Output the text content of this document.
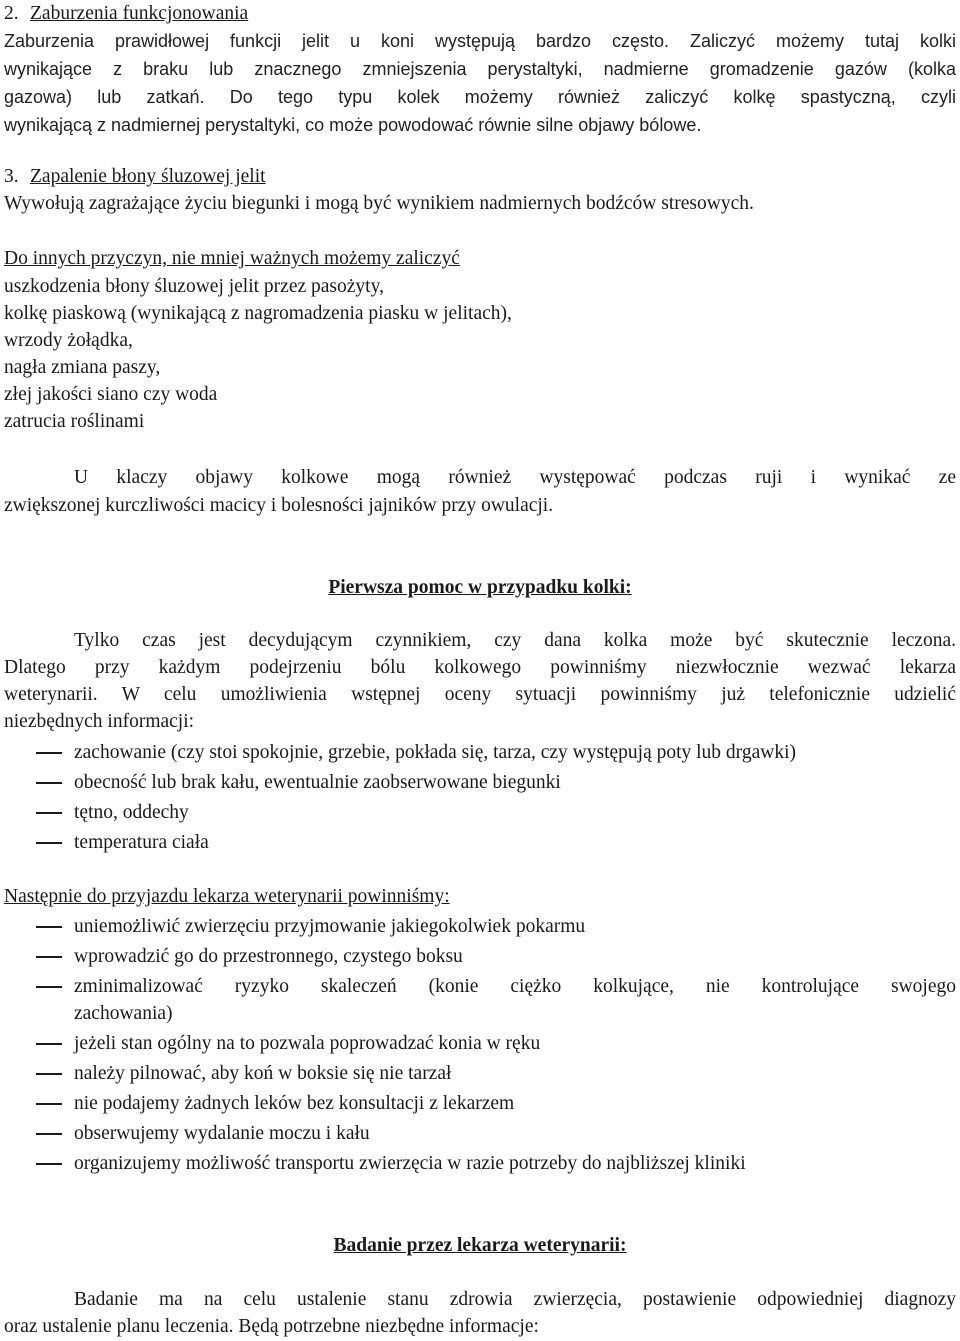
2. Zaburzenia funkcjonowania
Zaburzenia prawidłowej funkcji jelit u koni występują bardzo często. Zaliczyć możemy tutaj kolki
wynikające z braku lub znacznego zmniejszenia perystaltyki, nadmierne gromadzenie gazów (kolka
gazowa) lub zatkań. Do tego typu kolek możemy również zaliczyć kolkę spastyczną, czyli
wynikającą z nadmiernej perystaltyki, co może powodować równie silne objawy bólowe.
3. Zapalenie błony śluzowej jelit
Wywołują zagrażające życiu biegunki i mogą być wynikiem nadmiernych bodźców stresowych.
Do innych przyczyn, nie mniej ważnych możemy zaliczyć
uszkodzenia błony śluzowej jelit przez pasożyty,
kolkę piaskową (wynikającą z nagromadzenia piasku w jelitach),
wrzody żołądka,
nagła zmiana paszy,
złej jakości siano czy woda
zatrucia roślinami
U klaczy objawy kolkowe mogą również występować podczas ruji i wynikać ze
zwiększonej kurczliwości macicy i bolesności jajników przy owulacji.
Pierwsza pomoc w przypadku kolki:
Tylko czas jest decydującym czynnikiem, czy dana kolka może być skutecznie leczona.
Dlatego przy każdym podejrzeniu bólu kolkowego powinniśmy niezwłocznie wezwać lekarza
weterynarii. W celu umożliwienia wstępnej oceny sytuacji powinniśmy już telefonicznie udzielić
niezbędnych informacji:
zachowanie (czy stoi spokojnie, grzebie, pokłada się, tarza, czy występują poty lub drgawki)
obecność lub brak kału, ewentualnie zaobserwowane biegunki
tętno, oddechy
temperatura ciała
Następnie do przyjazdu lekarza weterynarii powinniśmy:
uniemożliwić zwierzęciu przyjmowanie jakiegokolwiek pokarmu
wprowadzić go do przestronnego, czystego boksu
zminimalizować ryzyko skaleczeń (konie ciężko kolkujące, nie kontrolujące swojego
zachowania)
jeżeli stan ogólny na to pozwala poprowadzać konia w ręku
należy pilnować, aby koń w boksie się nie tarzał
nie podajemy żadnych leków bez konsultacji z lekarzem
obserwujemy wydalanie moczu i kału
organizujemy możliwość transportu zwierzęcia w razie potrzeby do najbliższej kliniki
Badanie przez lekarza weterynarii:
Badanie ma na celu ustalenie stanu zdrowia zwierzęcia, postawienie odpowiedniej diagnozy
oraz ustalenie planu leczenia. Będą potrzebne niezbędne informacje:
